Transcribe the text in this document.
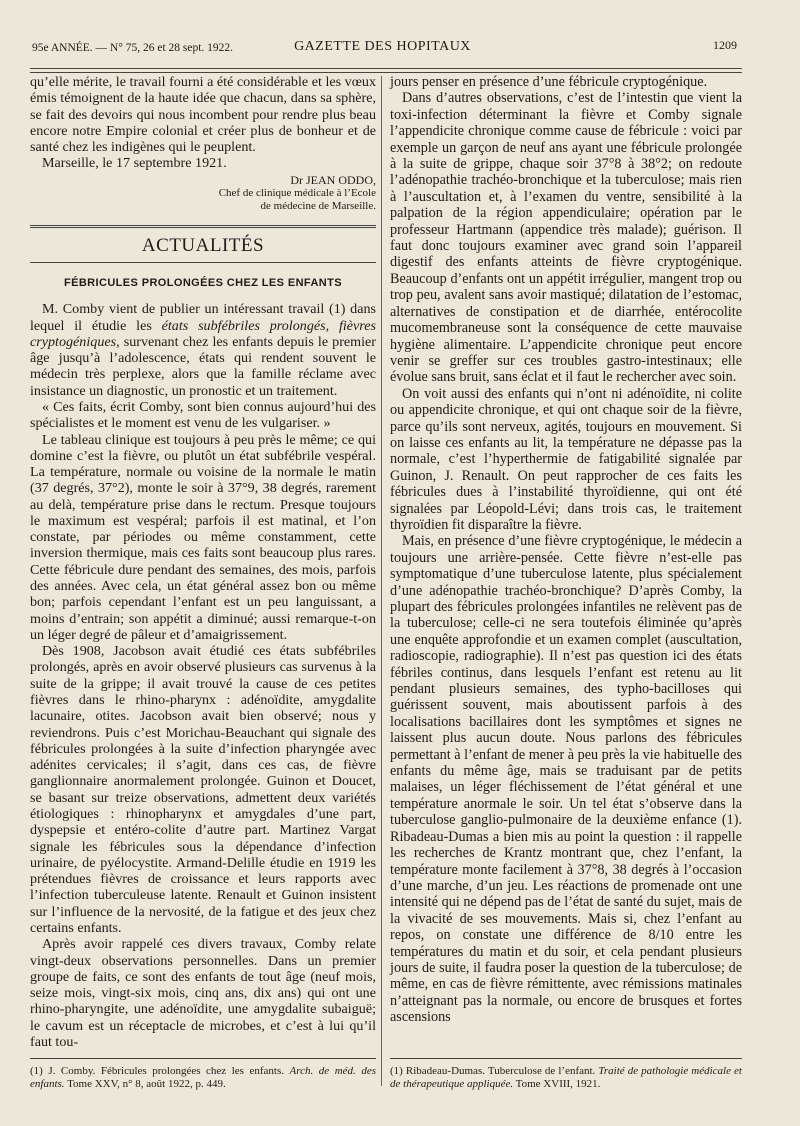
95e ANNÉE. — N° 75, 26 et 28 sept. 1922.	GAZETTE DES HOPITAUX	1209

qu’elle mérite, le travail fourni a été considérable et les vœux émis témoignent de la haute idée que chacun, dans sa sphère, se fait des devoirs qui nous incombent pour rendre plus beau encore notre Empire colonial et créer plus de bonheur et de santé chez les indigènes qui le peuplent.

Marseille, le 17 septembre 1921.

Dr JEAN ODDO,
Chef de clinique médicale à l’Ecole
de médecine de Marseille.
ACTUALITÉS
FÉBRICULES PROLONGÉES CHEZ LES ENFANTS

M. Comby vient de publier un intéressant travail (1) dans lequel il étudie les états subfébriles prolongés, fièvres cryptogéniques, survenant chez les enfants depuis le premier âge jusqu’à l’adolescence, états qui rendent souvent le médecin très perplexe, alors que la famille réclame avec insistance un diagnostic, un pronostic et un traitement.

« Ces faits, écrit Comby, sont bien connus aujourd’hui des spécialistes et le moment est venu de les vulgariser. »

Le tableau clinique est toujours à peu près le même; ce qui domine c’est la fièvre, ou plutôt un état subfébrile vespéral. La température, normale ou voisine de la normale le matin (37 degrés, 37°2), monte le soir à 37°9, 38 degrés, rarement au delà, température prise dans le rectum. Presque toujours le maximum est vespéral; parfois il est matinal, et l’on constate, par périodes ou même constamment, cette inversion thermique, mais ces faits sont beaucoup plus rares. Cette fébricule dure pendant des semaines, des mois, parfois des années. Avec cela, un état général assez bon ou même bon; parfois cependant l’enfant est un peu languissant, a moins d’entrain; son appétit a diminué; aussi remarque-t-on un léger degré de pâleur et d’amaigrissement.

Dès 1908, Jacobson avait étudié ces états subfébriles prolongés, après en avoir observé plusieurs cas survenus à la suite de la grippe; il avait trouvé la cause de ces petites fièvres dans le rhino-pharynx : adénoïdite, amygdalite lacunaire, otites. Jacobson avait bien observé; nous y reviendrons. Puis c’est Morichau-Beauchant qui signale des fébricules prolongées à la suite d’infection pharyngée avec adénites cervicales; il s’agit, dans ces cas, de fièvre ganglionnaire anormalement prolongée. Guinon et Doucet, se basant sur treize observations, admettent deux variétés étiologiques : rhinopharynx et amygdales d’une part, dyspepsie et entéro-colite d’autre part. Martinez Vargat signale les fébricules sous la dépendance d’infection urinaire, de pyélocystite. Armand-Delille étudie en 1919 les prétendues fièvres de croissance et leurs rapports avec l’infection tuberculeuse latente. Renault et Guinon insistent sur l’influence de la nervosité, de la fatigue et des jeux chez certains enfants.

Après avoir rappelé ces divers travaux, Comby relate vingt-deux observations personnelles. Dans un premier groupe de faits, ce sont des enfants de tout âge (neuf mois, seize mois, vingt-six mois, cinq ans, dix ans) qui ont une rhino-pharyngite, une adénoïdite, une amygdalite subaiguë; le cavum est un réceptacle de microbes, et c’est à lui qu’il faut tou-

jours penser en présence d’une fébricule cryptogénique.

Dans d’autres observations, c’est de l’intestin que vient la toxi-infection déterminant la fièvre et Comby signale l’appendicite chronique comme cause de fébricule : voici par exemple un garçon de neuf ans ayant une fébricule prolongée à la suite de grippe, chaque soir 37°8 à 38°2; on redoute l’adénopathie trachéo-bronchique et la tuberculose; mais rien à l’auscultation et, à l’examen du ventre, sensibilité à la palpation de la région appendiculaire; opération par le professeur Hartmann (appendice très malade); guérison. Il faut donc toujours examiner avec grand soin l’appareil digestif des enfants atteints de fièvre cryptogénique. Beaucoup d’enfants ont un appétit irrégulier, mangent trop ou trop peu, avalent sans avoir mastiqué; dilatation de l’estomac, alternatives de constipation et de diarrhée, entérocolite mucomembraneuse sont la conséquence de cette mauvaise hygiène alimentaire. L’appendicite chronique peut encore venir se greffer sur ces troubles gastro-intestinaux; elle évolue sans bruit, sans éclat et il faut le rechercher avec soin.

On voit aussi des enfants qui n’ont ni adénoïdite, ni colite ou appendicite chronique, et qui ont chaque soir de la fièvre, parce qu’ils sont nerveux, agités, toujours en mouvement. Si on laisse ces enfants au lit, la température ne dépasse pas la normale, c’est l’hyperthermie de fatigabilité signalée par Guinon, J. Renault. On peut rapprocher de ces faits les fébricules dues à l’instabilité thyroïdienne, qui ont été signalées par Léopold-Lévi; dans trois cas, le traitement thyroïdien fit disparaître la fièvre.

Mais, en présence d’une fièvre cryptogénique, le médecin a toujours une arrière-pensée. Cette fièvre n’est-elle pas symptomatique d’une tuberculose latente, plus spécialement d’une adénopathie trachéo-bronchique? D’après Comby, la plupart des fébricules prolongées infantiles ne relèvent pas de la tuberculose; celle-ci ne sera toutefois éliminée qu’après une enquête approfondie et un examen complet (auscultation, radioscopie, radiographie). Il n’est pas question ici des états fébriles continus, dans lesquels l’enfant est retenu au lit pendant plusieurs semaines, des typho-bacilloses qui guérissent souvent, mais aboutissent parfois à des localisations bacillaires dont les symptômes et signes ne laissent plus aucun doute. Nous parlons des fébricules permettant à l’enfant de mener à peu près la vie habituelle des enfants du même âge, mais se traduisant par de petits malaises, un léger fléchissement de l’état général et une température anormale le soir. Un tel état s’observe dans la tuberculose ganglio-pulmonaire de la deuxième enfance (1). Ribadeau-Dumas a bien mis au point la question : il rappelle les recherches de Krantz montrant que, chez l’enfant, la température monte facilement à 37°8, 38 degrés à l’occasion d’une marche, d’un jeu. Les réactions de promenade ont une intensité qui ne dépend pas de l’état de santé du sujet, mais de la vivacité de ses mouvements. Mais si, chez l’enfant au repos, on constate une différence de 8/10 entre les températures du matin et du soir, et cela pendant plusieurs jours de suite, il faudra poser la question de la tuberculose; de même, en cas de fièvre rémittente, avec rémissions matinales n’atteignant pas la normale, ou encore de brusques et fortes ascensions

(1) J. Comby. Fébricules prolongées chez les enfants. Arch. de méd. des enfants. Tome XXV, n° 8, août 1922, p. 449.
(1) Ribadeau-Dumas. Tuberculose de l’enfant. Traité de pathologie médicale et de thérapeutique appliquée. Tome XVIII, 1921.
